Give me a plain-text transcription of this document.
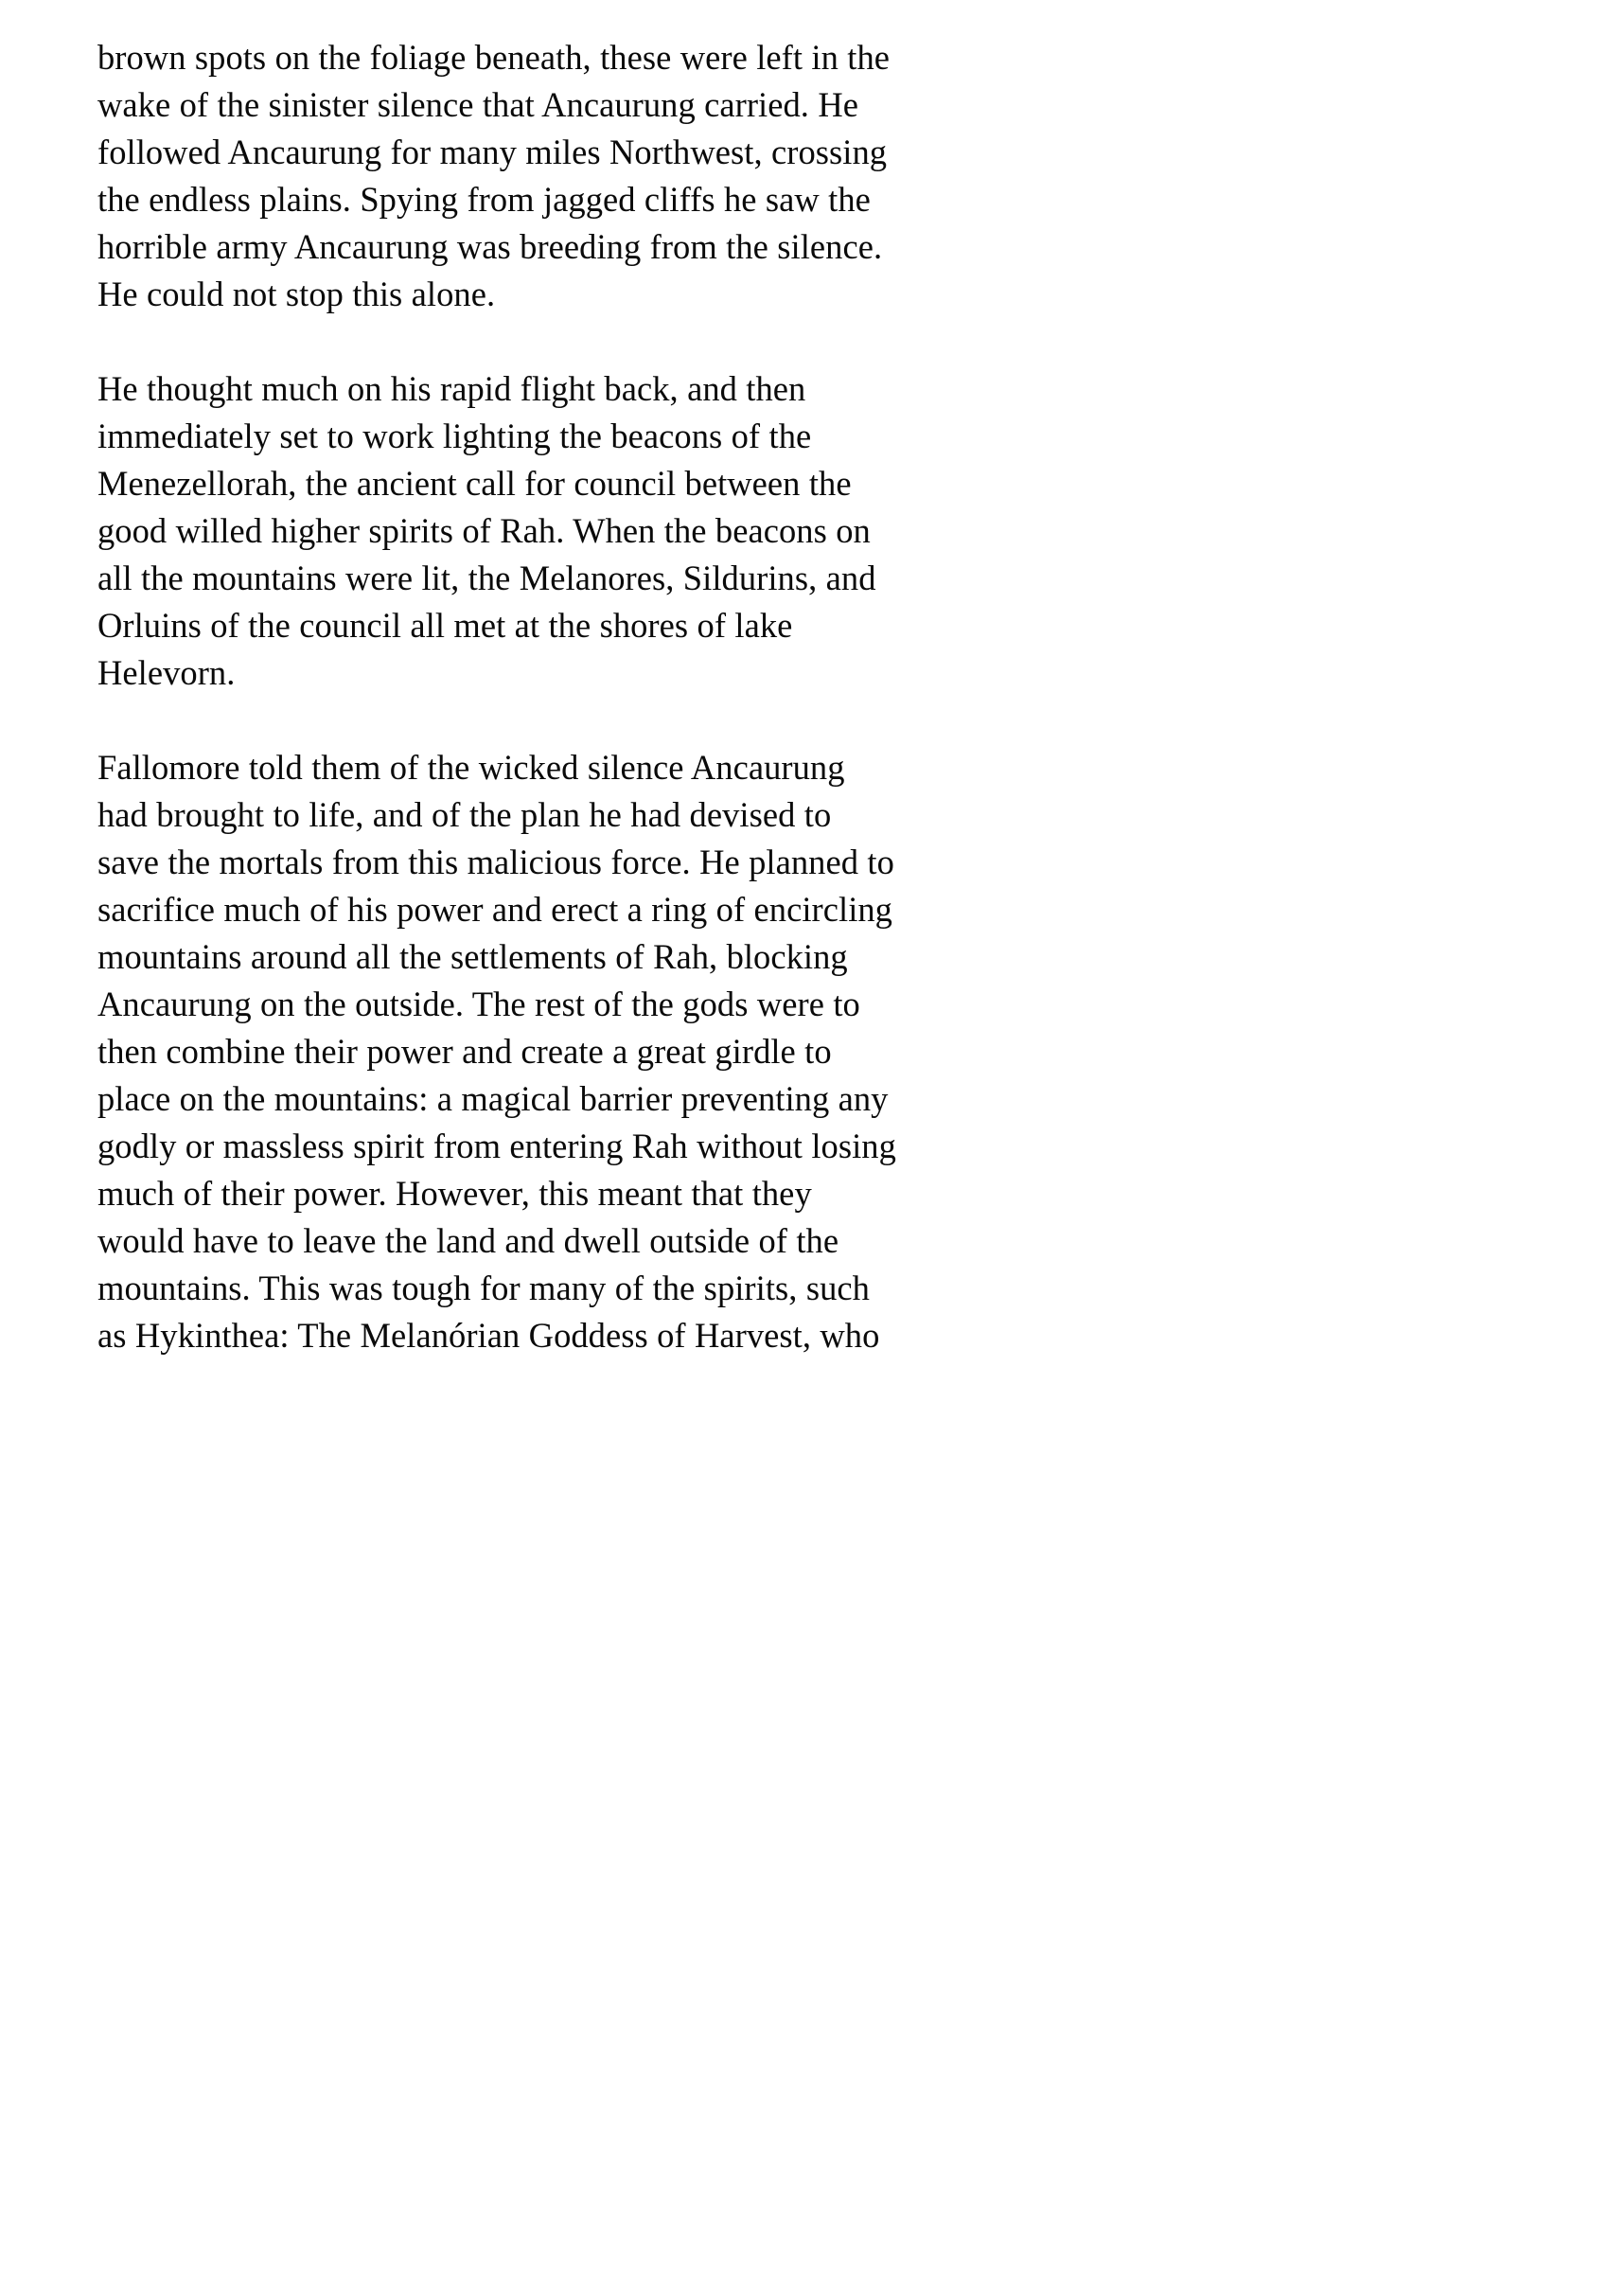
brown spots on the foliage beneath, these were left in the
wake of the sinister silence that Ancaurung carried. He
followed Ancaurung for many miles Northwest, crossing
the endless plains. Spying from jagged cliffs he saw the
horrible army Ancaurung was breeding from the silence.
He could not stop this alone.

He thought much on his rapid flight back, and then
immediately set to work lighting the beacons of the
Menezellorah, the ancient call for council between the
good willed higher spirits of Rah. When the beacons on
all the mountains were lit, the Melanores, Sildurins, and
Orluins of the council all met at the shores of lake
Helevorn.

Fallomore told them of the wicked silence Ancaurung
had brought to life, and of the plan he had devised to
save the mortals from this malicious force. He planned to
sacrifice much of his power and erect a ring of encircling
mountains around all the settlements of Rah, blocking
Ancaurung on the outside. The rest of the gods were to
then combine their power and create a great girdle to
place on the mountains: a magical barrier preventing any
godly or massless spirit from entering Rah without losing
much of their power. However, this meant that they
would have to leave the land and dwell outside of the
mountains. This was tough for many of the spirits, such
as Hykinthea: The Melanórian Goddess of Harvest, who
